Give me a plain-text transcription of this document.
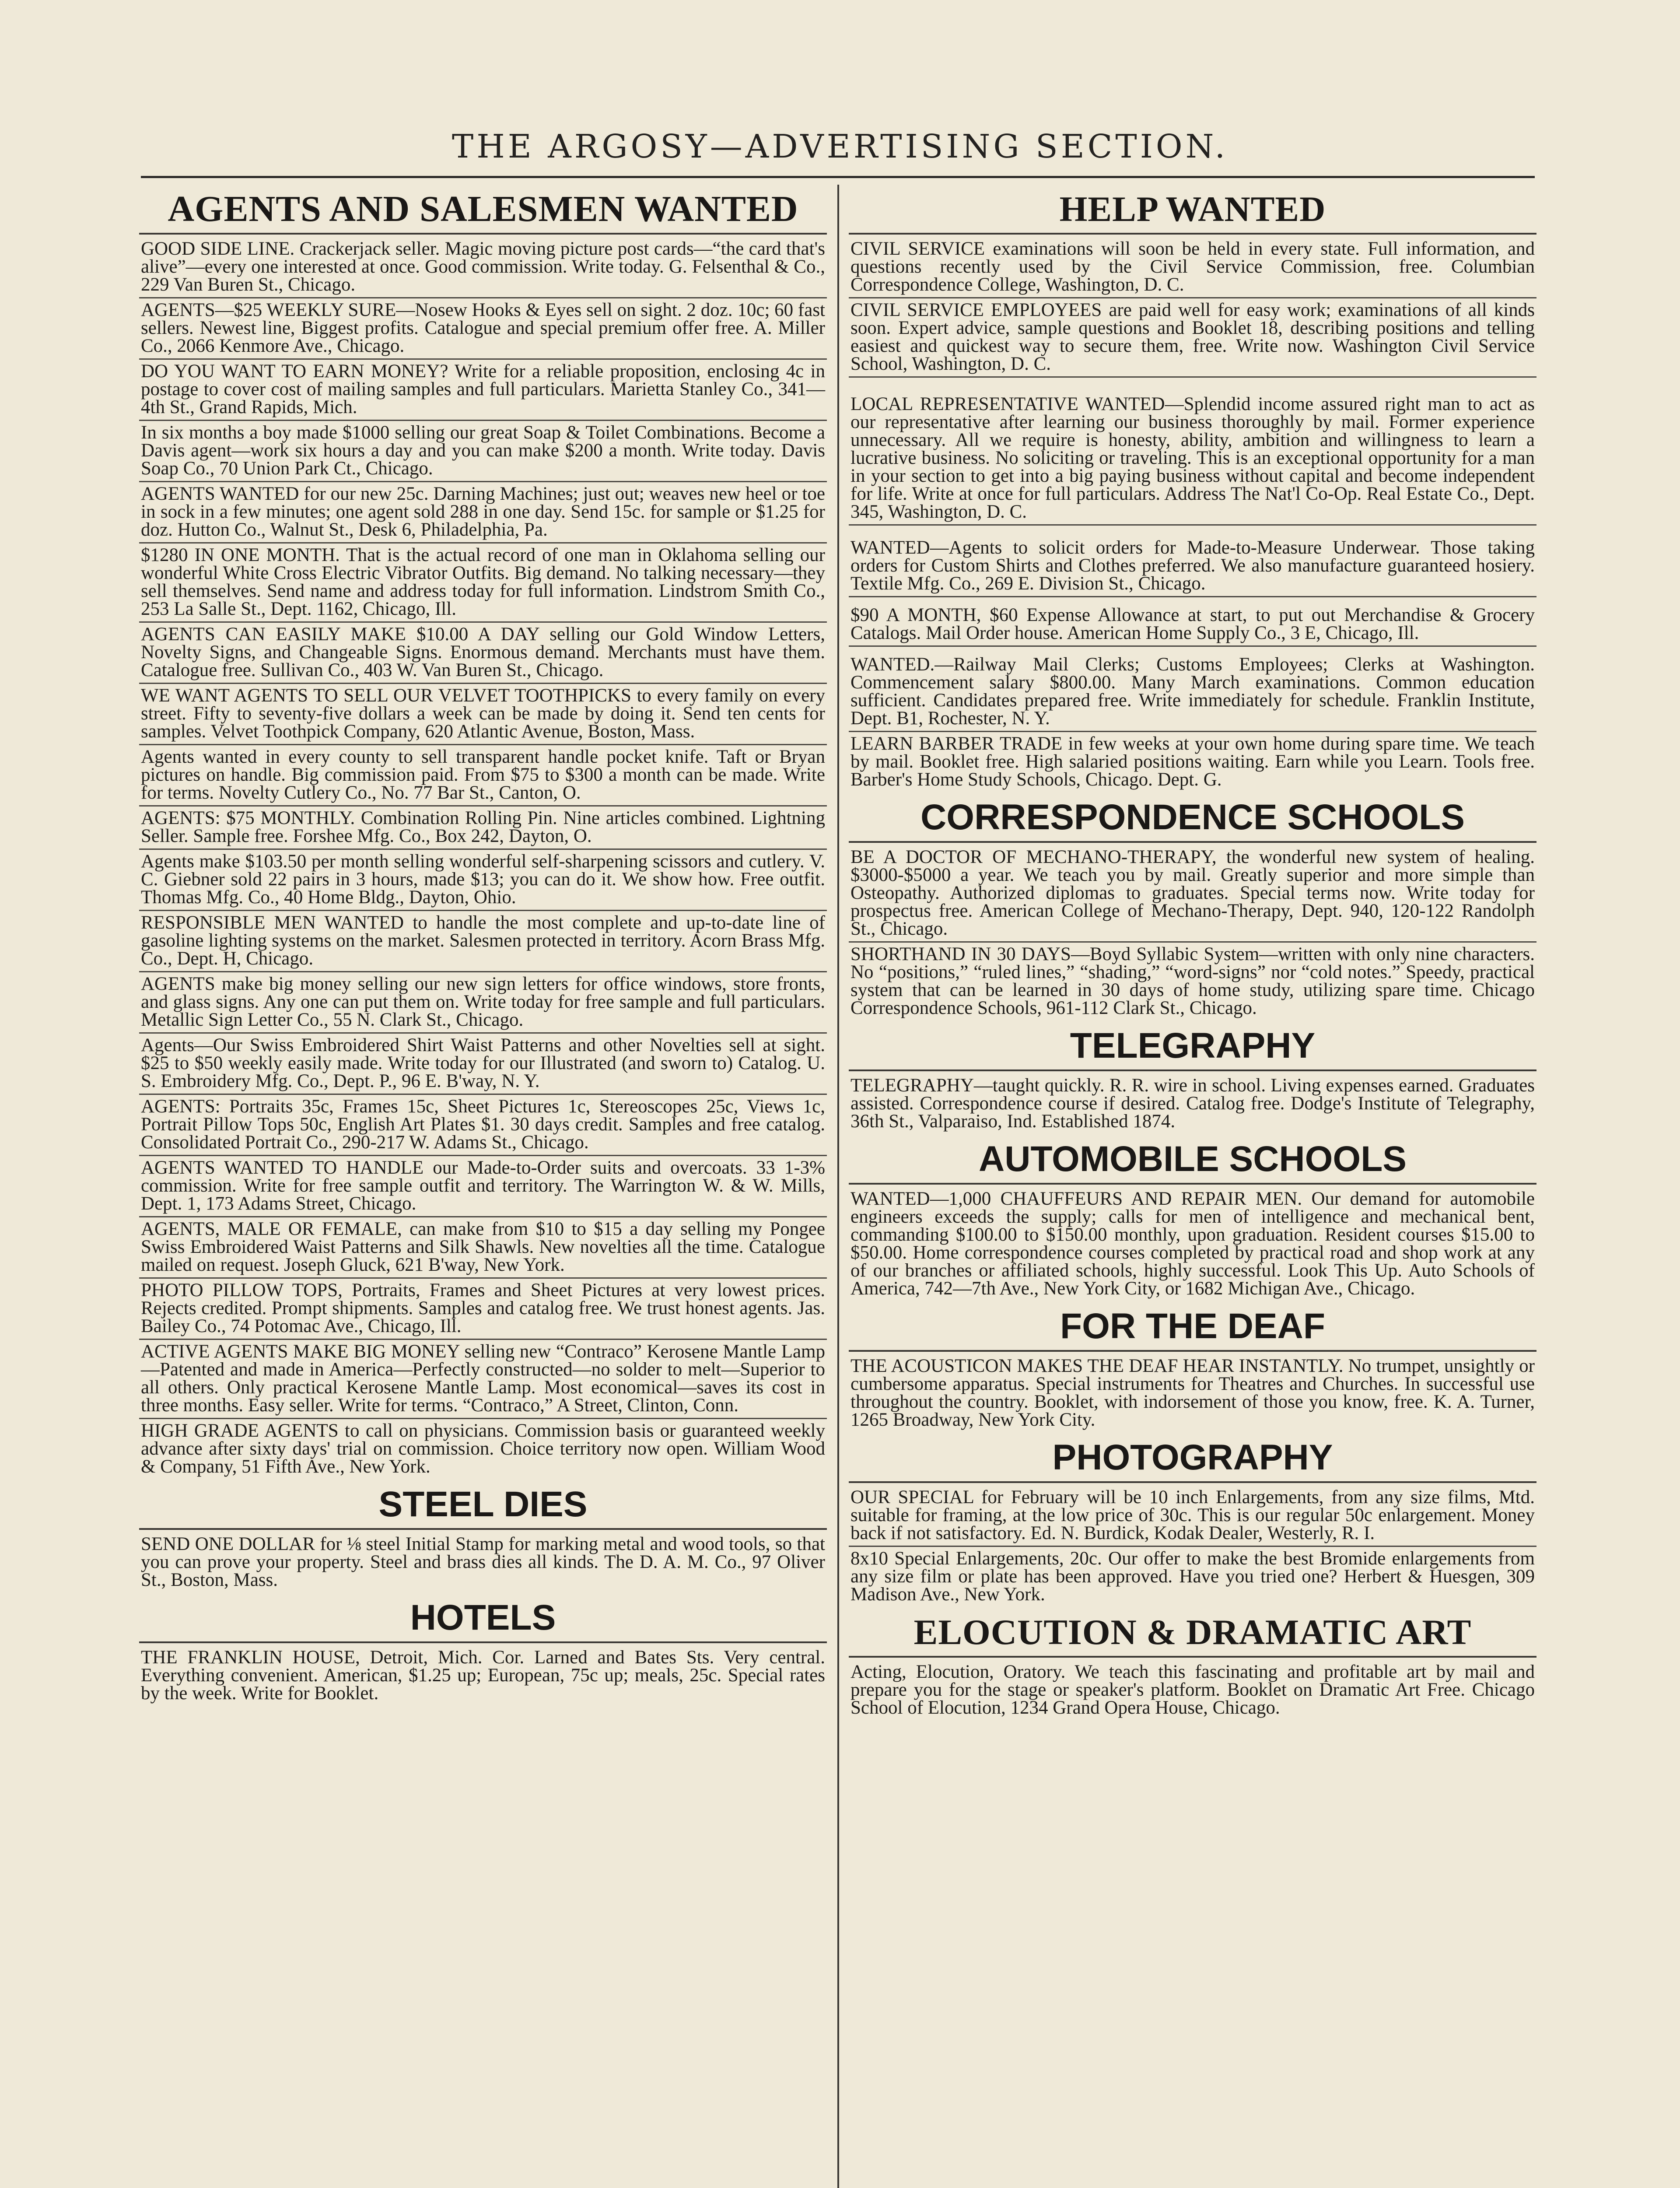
THE ARGOSY—ADVERTISING SECTION.
AGENTS AND SALESMEN WANTED

GOOD SIDE LINE. Crackerjack seller. Magic moving picture post cards—“the card that's alive”—every one interested at once. Good commission. Write today. G. Felsenthal & Co., 229 Van Buren St., Chicago.

AGENTS—$25 WEEKLY SURE—Nosew Hooks & Eyes sell on sight. 2 doz. 10c; 60 fast sellers. Newest line, Biggest profits. Catalogue and special premium offer free. A. Miller Co., 2066 Kenmore Ave., Chicago.

DO YOU WANT TO EARN MONEY? Write for a reliable proposition, enclosing 4c in postage to cover cost of mailing samples and full particulars. Marietta Stanley Co., 341—4th St., Grand Rapids, Mich.

In six months a boy made $1000 selling our great Soap & Toilet Combinations. Become a Davis agent—work six hours a day and you can make $200 a month. Write today. Davis Soap Co., 70 Union Park Ct., Chicago.

AGENTS WANTED for our new 25c. Darning Machines; just out; weaves new heel or toe in sock in a few minutes; one agent sold 288 in one day. Send 15c. for sample or $1.25 for doz. Hutton Co., Walnut St., Desk 6, Philadelphia, Pa.

$1280 IN ONE MONTH. That is the actual record of one man in Oklahoma selling our wonderful White Cross Electric Vibrator Outfits. Big demand. No talking necessary—they sell themselves. Send name and address today for full information. Lindstrom Smith Co., 253 La Salle St., Dept. 1162, Chicago, Ill.

AGENTS CAN EASILY MAKE $10.00 A DAY selling our Gold Window Letters, Novelty Signs, and Changeable Signs. Enormous demand. Merchants must have them. Catalogue free. Sullivan Co., 403 W. Van Buren St., Chicago.

WE WANT AGENTS TO SELL OUR VELVET TOOTHPICKS to every family on every street. Fifty to seventy-five dollars a week can be made by doing it. Send ten cents for samples. Velvet Toothpick Company, 620 Atlantic Avenue, Boston, Mass.

Agents wanted in every county to sell transparent handle pocket knife. Taft or Bryan pictures on handle. Big commission paid. From $75 to $300 a month can be made. Write for terms. Novelty Cutlery Co., No. 77 Bar St., Canton, O.

AGENTS: $75 MONTHLY. Combination Rolling Pin. Nine articles combined. Lightning Seller. Sample free. Forshee Mfg. Co., Box 242, Dayton, O.

Agents make $103.50 per month selling wonderful self-sharpening scissors and cutlery. V. C. Giebner sold 22 pairs in 3 hours, made $13; you can do it. We show how. Free outfit. Thomas Mfg. Co., 40 Home Bldg., Dayton, Ohio.

RESPONSIBLE MEN WANTED to handle the most complete and up-to-date line of gasoline lighting systems on the market. Salesmen protected in territory. Acorn Brass Mfg. Co., Dept. H, Chicago.

AGENTS make big money selling our new sign letters for office windows, store fronts, and glass signs. Any one can put them on. Write today for free sample and full particulars. Metallic Sign Letter Co., 55 N. Clark St., Chicago.

Agents—Our Swiss Embroidered Shirt Waist Patterns and other Novelties sell at sight. $25 to $50 weekly easily made. Write today for our Illustrated (and sworn to) Catalog. U. S. Embroidery Mfg. Co., Dept. P., 96 E. B'way, N. Y.

AGENTS: Portraits 35c, Frames 15c, Sheet Pictures 1c, Stereoscopes 25c, Views 1c, Portrait Pillow Tops 50c, English Art Plates $1. 30 days credit. Samples and free catalog. Consolidated Portrait Co., 290-217 W. Adams St., Chicago.

AGENTS WANTED TO HANDLE our Made-to-Order suits and overcoats. 33 1-3% commission. Write for free sample outfit and territory. The Warrington W. & W. Mills, Dept. 1, 173 Adams Street, Chicago.

AGENTS, MALE OR FEMALE, can make from $10 to $15 a day selling my Pongee Swiss Embroidered Waist Patterns and Silk Shawls. New novelties all the time. Catalogue mailed on request. Joseph Gluck, 621 B'way, New York.

PHOTO PILLOW TOPS, Portraits, Frames and Sheet Pictures at very lowest prices. Rejects credited. Prompt shipments. Samples and catalog free. We trust honest agents. Jas. Bailey Co., 74 Potomac Ave., Chicago, Ill.

ACTIVE AGENTS MAKE BIG MONEY selling new “Contraco” Kerosene Mantle Lamp—Patented and made in America—Perfectly constructed—no solder to melt—Superior to all others. Only practical Kerosene Mantle Lamp. Most economical—saves its cost in three months. Easy seller. Write for terms. “Contraco,” A Street, Clinton, Conn.

HIGH GRADE AGENTS to call on physicians. Commission basis or guaranteed weekly advance after sixty days' trial on commission. Choice territory now open. William Wood & Company, 51 Fifth Ave., New York.

STEEL DIES

SEND ONE DOLLAR for ⅛ steel Initial Stamp for marking metal and wood tools, so that you can prove your property. Steel and brass dies all kinds. The D. A. M. Co., 97 Oliver St., Boston, Mass.

HOTELS

THE FRANKLIN HOUSE, Detroit, Mich. Cor. Larned and Bates Sts. Very central. Everything convenient. American, $1.25 up; European, 75c up; meals, 25c. Special rates by the week. Write for Booklet.

HELP WANTED

CIVIL SERVICE examinations will soon be held in every state. Full information, and questions recently used by the Civil Service Commission, free. Columbian Correspondence College, Washington, D. C.

CIVIL SERVICE EMPLOYEES are paid well for easy work; examinations of all kinds soon. Expert advice, sample questions and Booklet 18, describing positions and telling easiest and quickest way to secure them, free. Write now. Washington Civil Service School, Washington, D. C.

LOCAL REPRESENTATIVE WANTED—Splendid income assured right man to act as our representative after learning our business thoroughly by mail. Former experience unnecessary. All we require is honesty, ability, ambition and willingness to learn a lucrative business. No soliciting or traveling. This is an exceptional opportunity for a man in your section to get into a big paying business without capital and become independent for life. Write at once for full particulars. Address The Nat'l Co-Op. Real Estate Co., Dept. 345, Washington, D. C.

WANTED—Agents to solicit orders for Made-to-Measure Underwear. Those taking orders for Custom Shirts and Clothes preferred. We also manufacture guaranteed hosiery. Textile Mfg. Co., 269 E. Division St., Chicago.

$90 A MONTH, $60 Expense Allowance at start, to put out Merchandise & Grocery Catalogs. Mail Order house. American Home Supply Co., 3 E, Chicago, Ill.

WANTED.—Railway Mail Clerks; Customs Employees; Clerks at Washington. Commencement salary $800.00. Many March examinations. Common education sufficient. Candidates prepared free. Write immediately for schedule. Franklin Institute, Dept. B1, Rochester, N. Y.

LEARN BARBER TRADE in few weeks at your own home during spare time. We teach by mail. Booklet free. High salaried positions waiting. Earn while you Learn. Tools free. Barber's Home Study Schools, Chicago. Dept. G.

CORRESPONDENCE SCHOOLS

BE A DOCTOR OF MECHANO-THERAPY, the wonderful new system of healing. $3000-$5000 a year. We teach you by mail. Greatly superior and more simple than Osteopathy. Authorized diplomas to graduates. Special terms now. Write today for prospectus free. American College of Mechano-Therapy, Dept. 940, 120-122 Randolph St., Chicago.

SHORTHAND IN 30 DAYS—Boyd Syllabic System—written with only nine characters. No “positions,” “ruled lines,” “shading,” “word-signs” nor “cold notes.” Speedy, practical system that can be learned in 30 days of home study, utilizing spare time. Chicago Correspondence Schools, 961-112 Clark St., Chicago.

TELEGRAPHY

TELEGRAPHY—taught quickly. R. R. wire in school. Living expenses earned. Graduates assisted. Correspondence course if desired. Catalog free. Dodge's Institute of Telegraphy, 36th St., Valparaiso, Ind. Established 1874.

AUTOMOBILE SCHOOLS

WANTED—1,000 CHAUFFEURS AND REPAIR MEN. Our demand for automobile engineers exceeds the supply; calls for men of intelligence and mechanical bent, commanding $100.00 to $150.00 monthly, upon graduation. Resident courses $15.00 to $50.00. Home correspondence courses completed by practical road and shop work at any of our branches or affiliated schools, highly successful. Look This Up. Auto Schools of America, 742—7th Ave., New York City, or 1682 Michigan Ave., Chicago.

FOR THE DEAF

THE ACOUSTICON MAKES THE DEAF HEAR INSTANTLY. No trumpet, unsightly or cumbersome apparatus. Special instruments for Theatres and Churches. In successful use throughout the country. Booklet, with indorsement of those you know, free. K. A. Turner, 1265 Broadway, New York City.

PHOTOGRAPHY

OUR SPECIAL for February will be 10 inch Enlargements, from any size films, Mtd. suitable for framing, at the low price of 30c. This is our regular 50c enlargement. Money back if not satisfactory. Ed. N. Burdick, Kodak Dealer, Westerly, R. I.

8x10 Special Enlargements, 20c. Our offer to make the best Bromide enlargements from any size film or plate has been approved. Have you tried one? Herbert & Huesgen, 309 Madison Ave., New York.

ELOCUTION & DRAMATIC ART

Acting, Elocution, Oratory. We teach this fascinating and profitable art by mail and prepare you for the stage or speaker's platform. Booklet on Dramatic Art Free. Chicago School of Elocution, 1234 Grand Opera House, Chicago.
